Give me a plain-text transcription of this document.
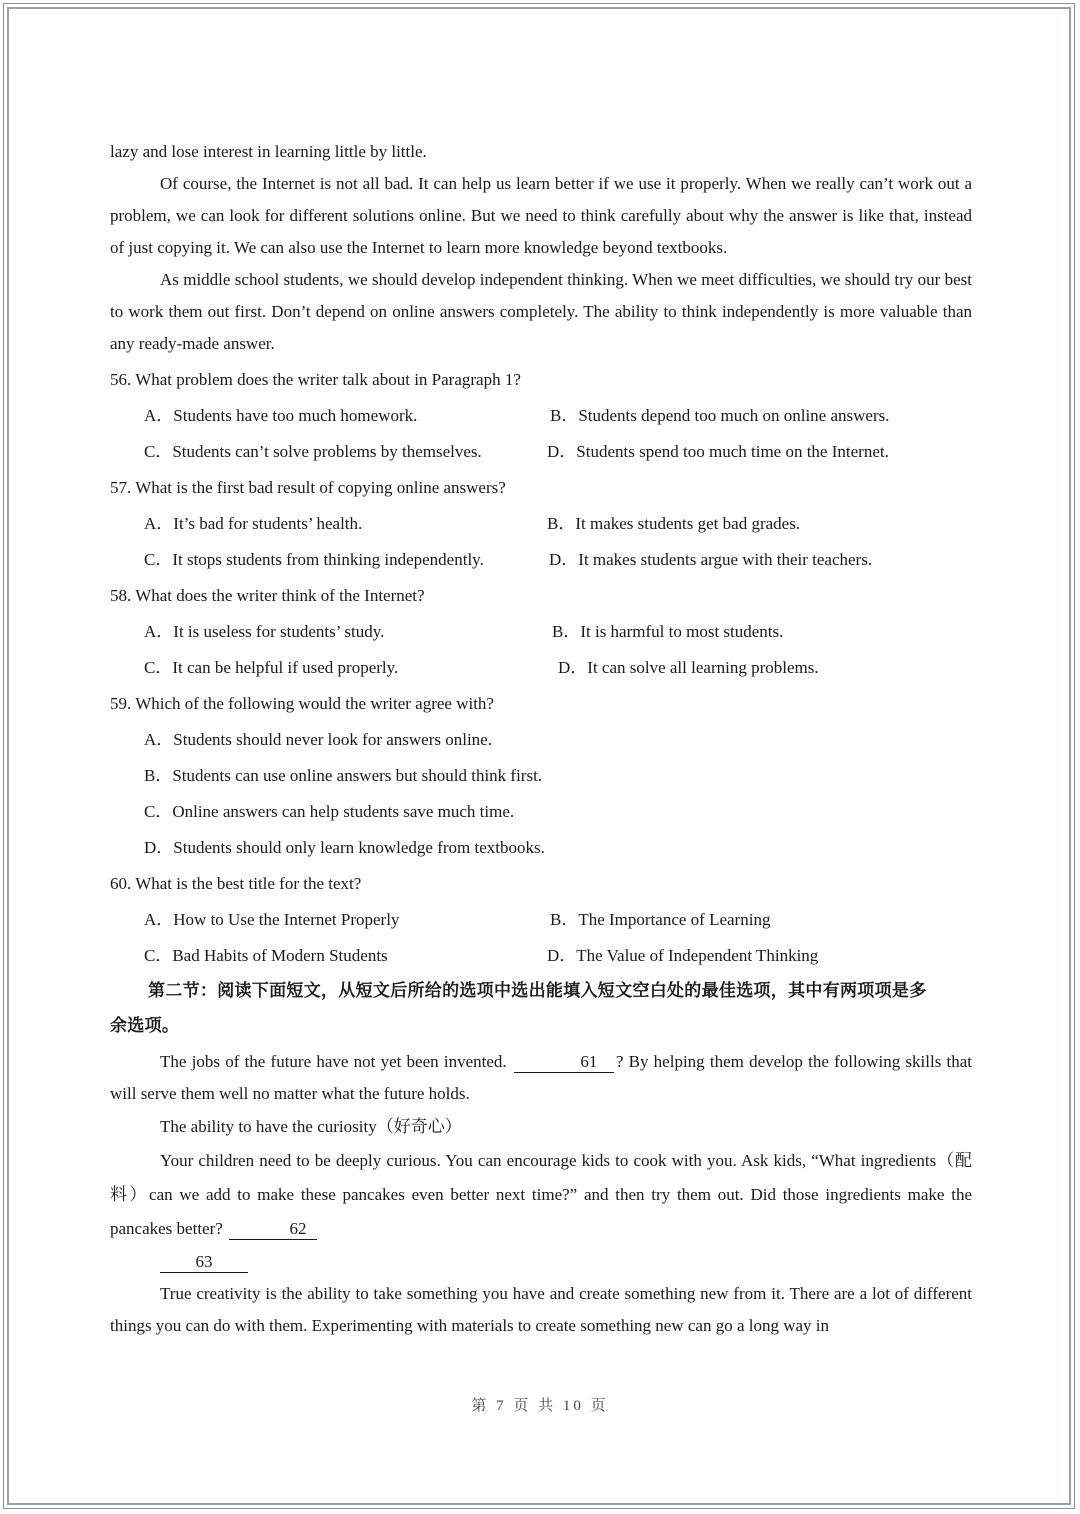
lazy and lose interest in learning little by little.

Of course, the Internet is not all bad. It can help us learn better if we use it properly. When we really can’t work out a problem, we can look for different solutions online. But we need to think carefully about why the answer is like that, instead of just copying it. We can also use the Internet to learn more knowledge beyond textbooks.

As middle school students, we should develop independent thinking. When we meet difficulties, we should try our best to work them out first. Don’t depend on online answers completely. The ability to think independently is more valuable than any ready-made answer.

56. What problem does the writer talk about in Paragraph 1?

A．Students have too much homework.	B．Students depend too much on online answers.
C．Students can’t solve problems by themselves.	D．Students spend too much time on the Internet.

57. What is the first bad result of copying online answers?

A．It’s bad for students’ health.	B．It makes students get bad grades.
C．It stops students from thinking independently.	D．It makes students argue with their teachers.

58. What does the writer think of the Internet?

A．It is useless for students’ study.	B．It is harmful to most students.
C．It can be helpful if used properly.	D．It can solve all learning problems.

59. Which of the following would the writer agree with?

A．Students should never look for answers online.

B．Students can use online answers but should think first.

C．Online answers can help students save much time.

D．Students should only learn knowledge from textbooks.

60. What is the best title for the text?

A．How to Use the Internet Properly	B．The Importance of Learning
C．Bad Habits of Modern Students	D．The Value of Independent Thinking

第二节：阅读下面短文，从短文后所给的选项中选出能填入短文空白处的最佳选项，其中有两项项是多

余选项。

The jobs of the future have not yet been invented.	61 ? By helping them develop the following skills that will serve them well no matter what the future holds.

The ability to have the curiosity（好奇心）

Your children need to be deeply curious. You can encourage kids to cook with you. Ask kids, “What ingredients（配料）can we add to make these pancakes even better next time?” and then try them out. Did those ingredients make the pancakes better?	62

63

True creativity is the ability to take something you have and create something new from it. There are a lot of different things you can do with them. Experimenting with materials to create something new can go a long way in

第 7 页 共 10 页
